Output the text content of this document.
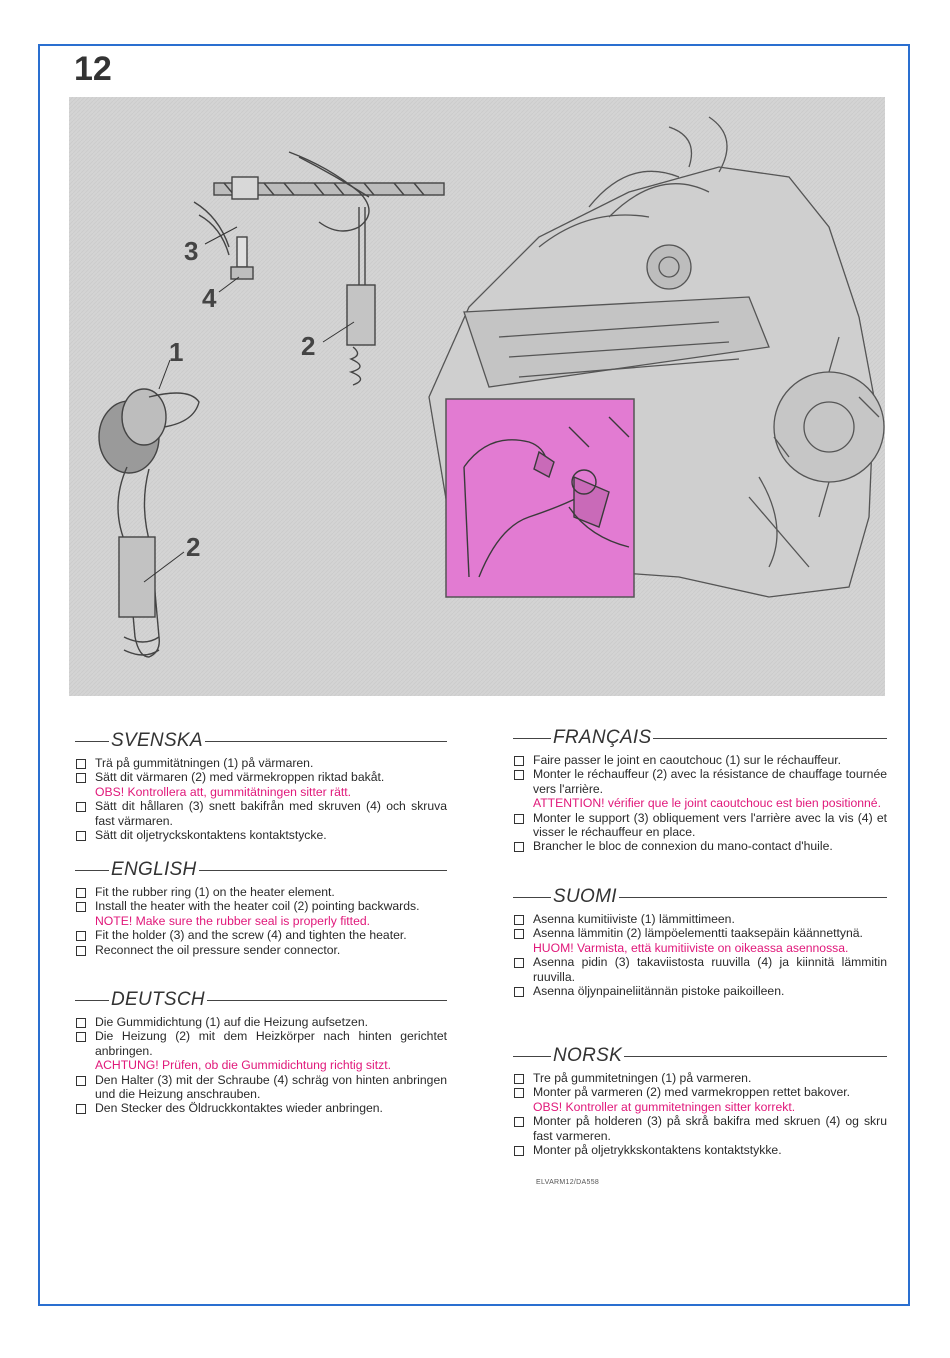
12
3
4
1	2
2
SVENSKA
Trä på gummitätningen (1) på värmaren.
Sätt dit värmaren (2) med värmekroppen riktad bakåt.
OBS! Kontrollera att, gummitätningen sitter rätt.
Sätt dit hållaren (3) snett bakifrån med skruven (4) och skruva fast värmaren.
Sätt dit oljetryckskontaktens kontaktstycke.
ENGLISH
Fit the rubber ring (1) on the heater element.
Install the heater with the heater coil (2) pointing backwards.
NOTE! Make sure the rubber seal is properly fitted.
Fit the holder (3) and the screw (4) and tighten the heater.
Reconnect the oil pressure sender connector.
DEUTSCH
Die Gummidichtung (1) auf die Heizung aufsetzen.
Die Heizung (2) mit dem Heizkörper nach hinten gerichtet anbringen.
ACHTUNG! Prüfen, ob die Gummidichtung richtig sitzt.
Den Halter (3) mit der Schraube (4) schräg von hinten anbringen und die Heizung anschrauben.
Den Stecker des Öldruckkontaktes wieder anbringen.
FRANÇAIS
Faire passer le joint en caoutchouc (1) sur le réchauffeur.
Monter le réchauffeur (2) avec la résistance de chauffage tournée vers l'arrière.
ATTENTION! vérifier que le joint caoutchouc est bien positionné.
Monter le support (3) obliquement vers l'arrière avec la vis (4) et visser le réchauffeur en place.
Brancher le bloc de connexion du mano-contact d'huile.
SUOMI
Asenna kumitiiviste (1) lämmittimeen.
Asenna lämmitin (2) lämpöelementti taaksepäin käännettynä.
HUOM! Varmista, että kumitiiviste on oikeassa asennossa.
Asenna pidin (3) takaviistosta ruuvilla (4) ja kiinnitä lämmitin ruuvilla.
Asenna öljynpaineliitännän pistoke paikoilleen.
NORSK
Tre på gummitetningen (1) på varmeren.
Monter på varmeren (2) med varmekroppen rettet bakover.
OBS! Kontroller at gummitetningen sitter korrekt.
Monter på holderen (3) på skrå bakifra med skruen (4) og skru fast varmeren.
Monter på oljetrykkskontaktens kontaktstykke.
ELVARM12/DA558
